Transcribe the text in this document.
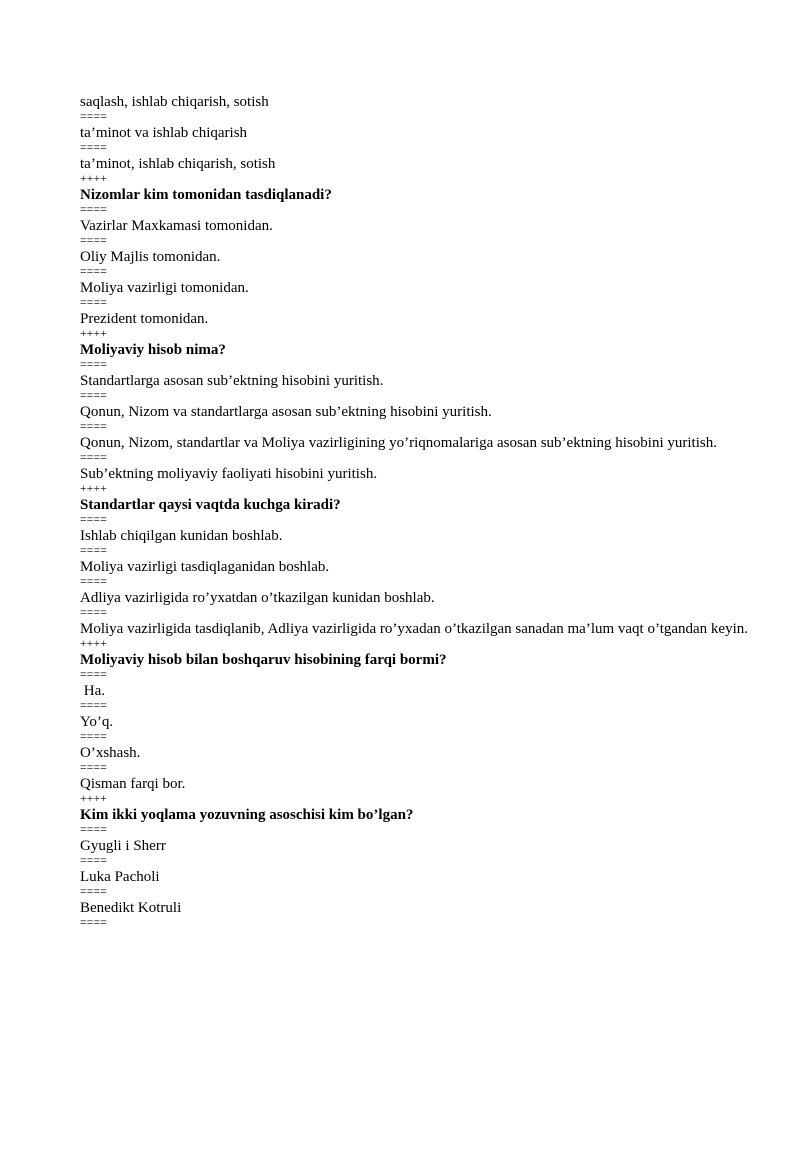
saqlash, ishlab chiqarish, sotish
====
ta’minot va ishlab chiqarish
====
ta’minot, ishlab chiqarish, sotish
++++
Nizomlar kim tomonidan tasdiqlanadi?
====
Vazirlar Maxkamasi tomonidan.
====
Oliy Majlis tomonidan.
====
Moliya vazirligi tomonidan.
====
Prezident tomonidan.
++++
Moliyaviy hisob nima?
====
Standartlarga asosan sub’ektning hisobini yuritish.
====
Qonun, Nizom va standartlarga asosan sub’ektning hisobini yuritish.
====
Qonun, Nizom, standartlar va Moliya vazirligining yo’riqnomalariga asosan sub’ektning hisobini yuritish.
====
Sub’ektning moliyaviy faoliyati hisobini yuritish.
++++
Standartlar qaysi vaqtda kuchga kiradi?
====
Ishlab chiqilgan kunidan boshlab.
====
Moliya vazirligi tasdiqlaganidan boshlab.
====
Adliya vazirligida ro’yxatdan o’tkazilgan kunidan boshlab.
====
Moliya vazirligida tasdiqlanib, Adliya vazirligida ro’yxadan o’tkazilgan sanadan ma’lum vaqt o’tgandan keyin.
++++
Moliyaviy hisob bilan boshqaruv hisobining farqi bormi?
====
Ha.
====
Yo’q.
====
O’xshash.
====
Qisman farqi bor.
++++
Kim ikki yoqlama yozuvning asoschisi kim bo’lgan?
====
Gyugli i Sherr
====
Luka Pacholi
====
Benedikt Kotruli
====
